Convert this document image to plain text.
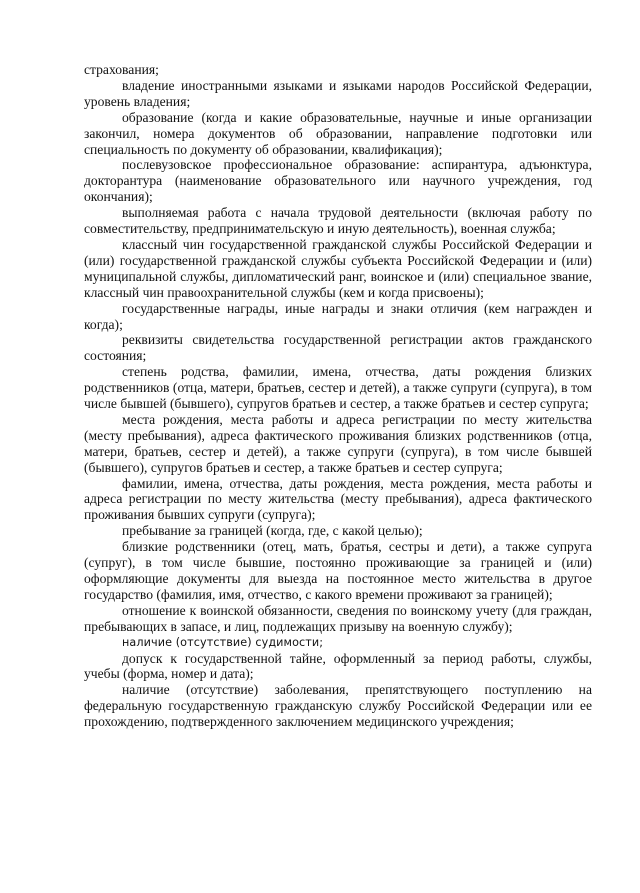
страхования;

владение иностранными языками и языками народов Российской Федерации, уровень владения;

образование (когда и какие образовательные, научные и иные организации закончил, номера документов об образовании, направление подготовки или специальность по документу об образовании, квалификация);

послевузовское профессиональное образование: аспирантура, адъюнктура, докторантура (наименование образовательного или научного учреждения, год окончания);

выполняемая работа с начала трудовой деятельности (включая работу по совместительству, предпринимательскую и иную деятельность), военная служба;

классный чин государственной гражданской службы Российской Федерации и (или) государственной гражданской службы субъекта Российской Федерации и (или) муниципальной службы, дипломатический ранг, воинское и (или) специальное звание, классный чин правоохранительной службы (кем и когда присвоены);

государственные награды, иные награды и знаки отличия (кем награжден и когда);

реквизиты свидетельства государственной регистрации актов гражданского состояния;

степень родства, фамилии, имена, отчества, даты рождения близких родственников (отца, матери, братьев, сестер и детей), а также супруги (супруга), в том числе бывшей (бывшего), супругов братьев и сестер, а также братьев и сестер супруга;

места рождения, места работы и адреса регистрации по месту жительства (месту пребывания), адреса фактического проживания близких родственников (отца, матери, братьев, сестер и детей), а также супруги (супруга), в том числе бывшей (бывшего), супругов братьев и сестер, а также братьев и сестер супруга;

фамилии, имена, отчества, даты рождения, места рождения, места работы и адреса регистрации по месту жительства (месту пребывания), адреса фактического проживания бывших супруги (супруга);

пребывание за границей (когда, где, с какой целью);

близкие родственники (отец, мать, братья, сестры и дети), а также супруга (супруг), в том числе бывшие, постоянно проживающие за границей и (или) оформляющие документы для выезда на постоянное место жительства в другое государство (фамилия, имя, отчество, с какого времени проживают за границей);

отношение к воинской обязанности, сведения по воинскому учету (для граждан, пребывающих в запасе, и лиц, подлежащих призыву на военную службу);

наличие (отсутствие) судимости;

допуск к государственной тайне, оформленный за период работы, службы, учебы (форма, номер и дата);

наличие (отсутствие) заболевания, препятствующего поступлению на федеральную государственную гражданскую службу Российской Федерации или ее прохождению, подтвержденного заключением медицинского учреждения;
